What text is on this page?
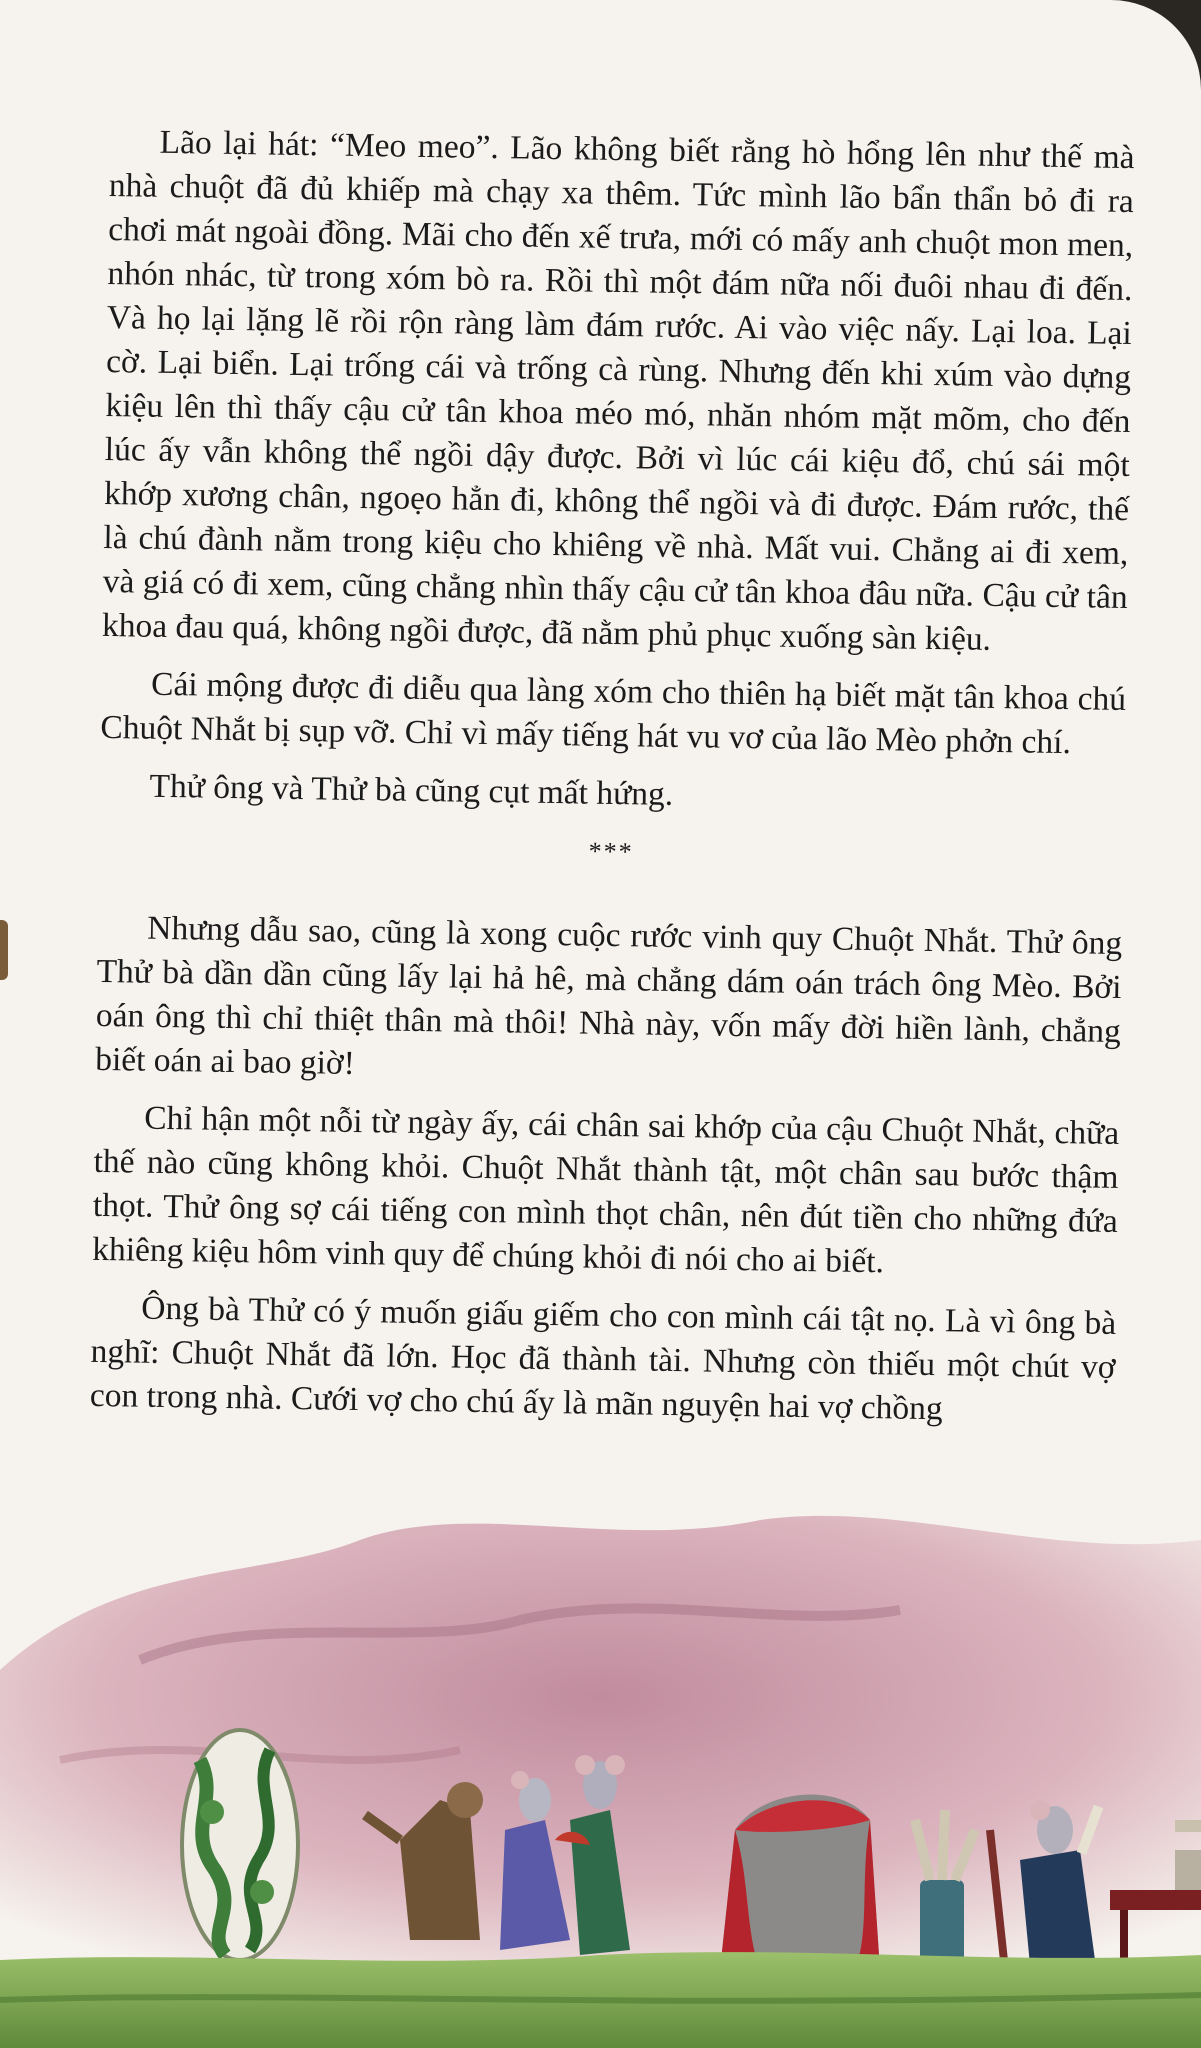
Lão lại hát: “Meo meo”. Lão không biết rằng hò hổng lên như thế mà nhà chuột đã đủ khiếp mà chạy xa thêm. Tức mình lão bẩn thẩn bỏ đi ra chơi mát ngoài đồng. Mãi cho đến xế trưa, mới có mấy anh chuột mon men, nhón nhác, từ trong xóm bò ra. Rồi thì một đám nữa nối đuôi nhau đi đến. Và họ lại lặng lẽ rồi rộn ràng làm đám rước. Ai vào việc nấy. Lại loa. Lại cờ. Lại biển. Lại trống cái và trống cà rùng. Nhưng đến khi xúm vào dựng kiệu lên thì thấy cậu cử tân khoa méo mó, nhăn nhóm mặt mõm, cho đến lúc ấy vẫn không thể ngồi dậy được. Bởi vì lúc cái kiệu đổ, chú sái một khớp xương chân, ngoẹo hẳn đi, không thể ngồi và đi được. Đám rước, thế là chú đành nằm trong kiệu cho khiêng về nhà. Mất vui. Chẳng ai đi xem, và giá có đi xem, cũng chẳng nhìn thấy cậu cử tân khoa đâu nữa. Cậu cử tân khoa đau quá, không ngồi được, đã nằm phủ phục xuống sàn kiệu.

Cái mộng được đi diễu qua làng xóm cho thiên hạ biết mặt tân khoa chú Chuột Nhắt bị sụp vỡ. Chỉ vì mấy tiếng hát vu vơ của lão Mèo phởn chí.

Thử ông và Thử bà cũng cụt mất hứng.

***

Nhưng dẫu sao, cũng là xong cuộc rước vinh quy Chuột Nhắt. Thử ông Thử bà dần dần cũng lấy lại hả hê, mà chẳng dám oán trách ông Mèo. Bởi oán ông thì chỉ thiệt thân mà thôi! Nhà này, vốn mấy đời hiền lành, chẳng biết oán ai bao giờ!

Chỉ hận một nỗi từ ngày ấy, cái chân sai khớp của cậu Chuột Nhắt, chữa thế nào cũng không khỏi. Chuột Nhắt thành tật, một chân sau bước thậm thọt. Thử ông sợ cái tiếng con mình thọt chân, nên đút tiền cho những đứa khiêng kiệu hôm vinh quy để chúng khỏi đi nói cho ai biết.

Ông bà Thử có ý muốn giấu giếm cho con mình cái tật nọ. Là vì ông bà nghĩ: Chuột Nhắt đã lớn. Học đã thành tài. Nhưng còn thiếu một chút vợ con trong nhà. Cưới vợ cho chú ấy là mãn nguyện hai vợ chồng
